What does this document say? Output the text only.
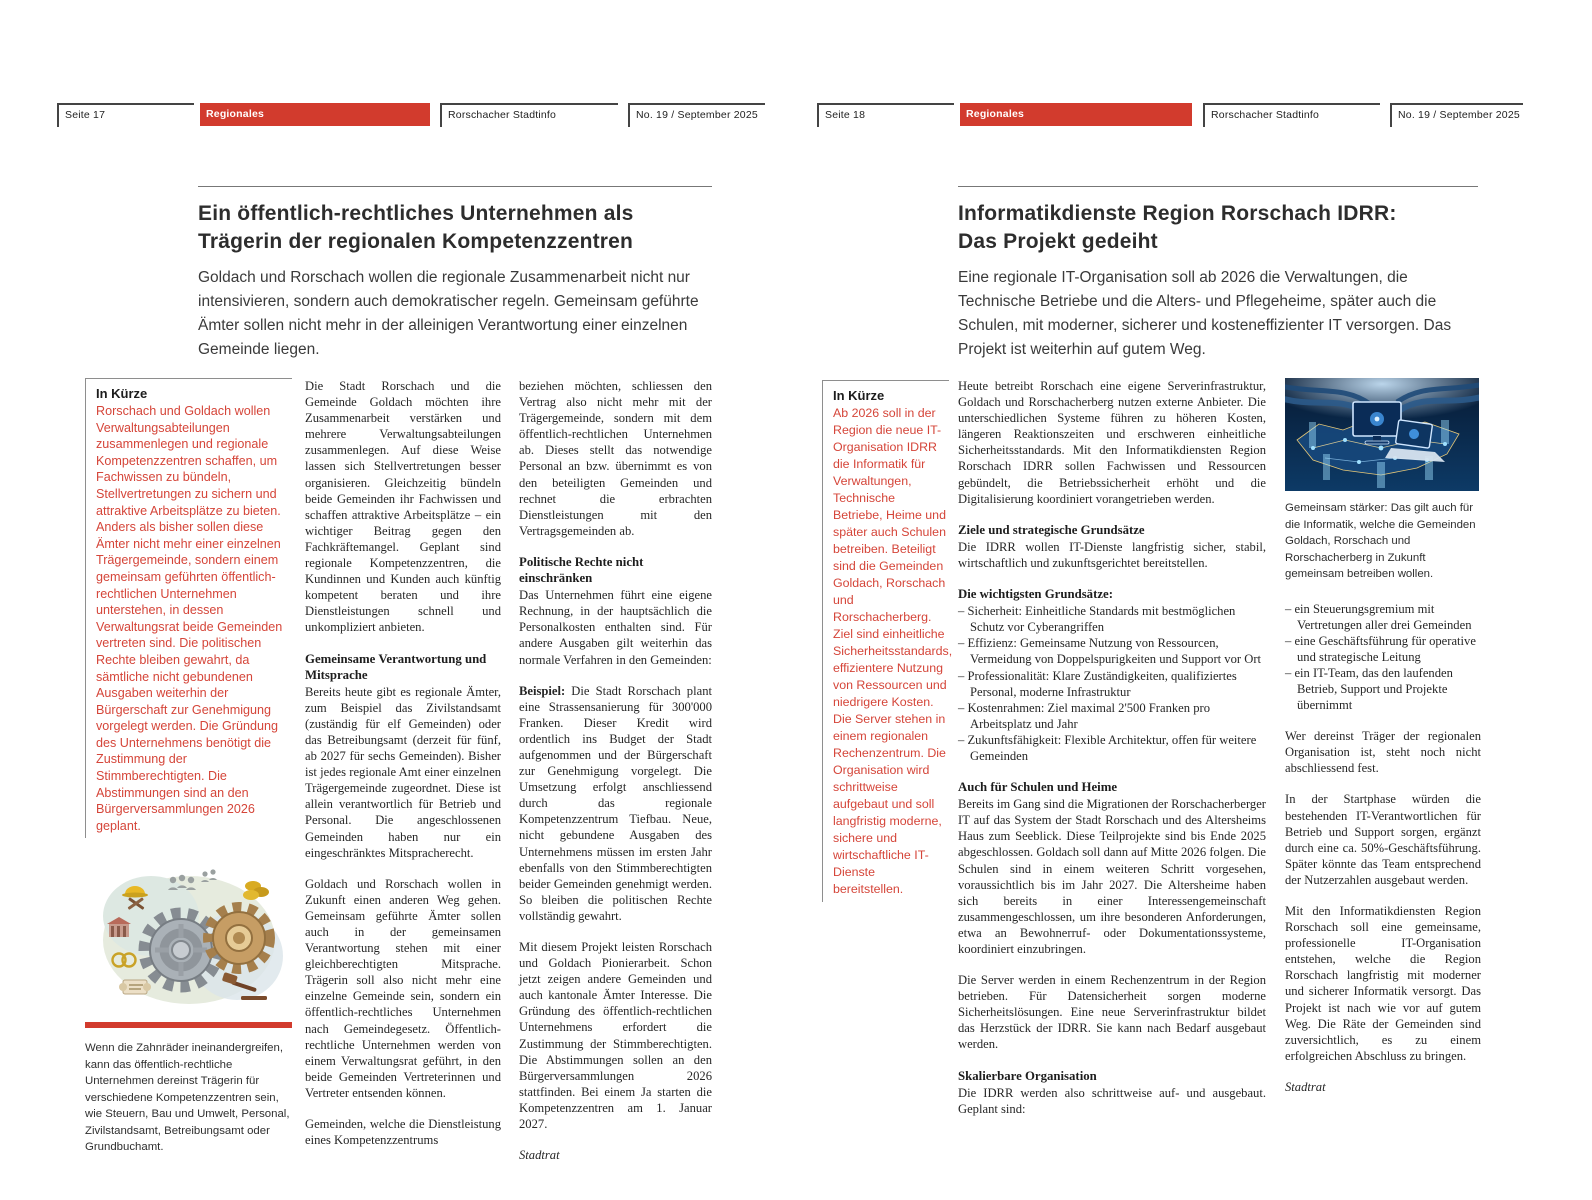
Seite 17	Regionales	Rorschacher Stadtinfo	No. 19 / September 2025
Ein öffentlich-rechtliches Unternehmen als
Trägerin der regionalen Kompetenzzentren
Goldach und Rorschach wollen die regionale Zusammenarbeit nicht nur intensivieren, sondern auch demokratischer regeln. Gemeinsam geführte Ämter sollen nicht mehr in der alleinigen Verantwortung einer einzelnen Gemeinde liegen.
In Kürze

Rorschach und Goldach wollen Verwaltungsabteilungen zusammenlegen und regionale Kompetenzzentren schaffen, um Fachwissen zu bündeln, Stellvertretungen zu sichern und attraktive Arbeitsplätze zu bieten. Anders als bisher sollen diese Ämter nicht mehr einer einzelnen Trägergemeinde, sondern einem gemeinsam geführten öffentlich-rechtlichen Unternehmen unterstehen, in dessen Verwaltungsrat beide Gemeinden vertreten sind. Die politischen Rechte bleiben gewahrt, da sämtliche nicht gebundenen Ausgaben weiterhin der Bürgerschaft zur Genehmigung vorgelegt werden. Die Gründung des Unternehmens benötigt die Zustimmung der Stimmberechtigten. Die Abstimmungen sind an den Bürgerversammlungen 2026 geplant.

Wenn die Zahnräder ineinandergreifen, kann das öffentlich-rechtliche Unternehmen dereinst Trägerin für verschiedene Kompetenzzentren sein, wie Steuern, Bau und Umwelt, Personal, Zivilstandsamt, Betreibungsamt oder Grundbuchamt.

Die Stadt Rorschach und die Gemeinde Goldach möchten ihre Zusammenarbeit verstärken und mehrere Verwaltungsabteilungen zusammenlegen. Auf diese Weise lassen sich Stellvertretungen besser organisieren. Gleichzeitig bündeln beide Gemeinden ihr Fachwissen und schaffen attraktive Arbeitsplätze – ein wichtiger Beitrag gegen den Fachkräftemangel. Geplant sind regionale Kompetenzzentren, die Kundinnen und Kunden auch künftig kompetent beraten und ihre Dienstleistungen schnell und unkompliziert anbieten.

Gemeinsame Verantwortung und Mitsprache

Bereits heute gibt es regionale Ämter, zum Beispiel das Zivilstandsamt (zuständig für elf Gemeinden) oder das Betreibungsamt (derzeit für fünf, ab 2027 für sechs Gemeinden). Bisher ist jedes regionale Amt einer einzelnen Trägergemeinde zugeordnet. Diese ist allein verantwortlich für Betrieb und Personal. Die angeschlossenen Gemeinden haben nur ein eingeschränktes Mitspracherecht.

Goldach und Rorschach wollen in Zukunft einen anderen Weg gehen. Gemeinsam geführte Ämter sollen auch in der gemeinsamen Verantwortung stehen mit einer gleichberechtigten Mitsprache. Trägerin soll also nicht mehr eine einzelne Gemeinde sein, sondern ein öffentlich-rechtliches Unternehmen nach Gemeindegesetz. Öffentlich-rechtliche Unternehmen werden von einem Verwaltungsrat geführt, in den beide Gemeinden Vertreterinnen und Vertreter entsenden können.

Gemeinden, welche die Dienstleistung eines Kompetenzzentrums

beziehen möchten, schliessen den Vertrag also nicht mehr mit der Trägergemeinde, sondern mit dem öffentlich-rechtlichen Unternehmen ab. Dieses stellt das notwendige Personal an bzw. übernimmt es von den beteiligten Gemeinden und rechnet die erbrachten Dienstleistungen mit den Vertragsgemeinden ab.

Politische Rechte nicht einschränken

Das Unternehmen führt eine eigene Rechnung, in der hauptsächlich die Personalkosten enthalten sind. Für andere Ausgaben gilt weiterhin das normale Verfahren in den Gemeinden:

Beispiel: Die Stadt Rorschach plant eine Strassensanierung für 300'000 Franken. Dieser Kredit wird ordentlich ins Budget der Stadt aufgenommen und der Bürgerschaft zur Genehmigung vorgelegt. Die Umsetzung erfolgt anschliessend durch das regionale Kompetenzzentrum Tiefbau. Neue, nicht gebundene Ausgaben des Unternehmens müssen im ersten Jahr ebenfalls von den Stimmberechtigten beider Gemeinden genehmigt werden. So bleiben die politischen Rechte vollständig gewahrt.

Mit diesem Projekt leisten Rorschach und Goldach Pionierarbeit. Schon jetzt zeigen andere Gemeinden und auch kantonale Ämter Interesse. Die Gründung des öffentlich-rechtlichen Unternehmens erfordert die Zustimmung der Stimmberechtigten. Die Abstimmungen sollen an den Bürgerversammlungen 2026 stattfinden. Bei einem Ja starten die Kompetenzzentren am 1. Januar 2027.

Stadtrat

Seite 18	Regionales	Rorschacher Stadtinfo	No. 19 / September 2025
Informatikdienste Region Rorschach IDRR:
Das Projekt gedeiht
Eine regionale IT-Organisation soll ab 2026 die Verwaltungen, die Technische Betriebe und die Alters- und Pflegeheime, später auch die Schulen, mit moderner, sicherer und kosteneffizienter IT versorgen. Das Projekt ist weiterhin auf gutem Weg.
In Kürze

Ab 2026 soll in der Region die neue IT-Organisation IDRR die Informatik für Verwaltungen, Technische Betriebe, Heime und später auch Schulen betreiben. Beteiligt sind die Gemeinden Goldach, Rorschach und Rorschacherberg. Ziel sind einheitliche Sicherheitsstandards, effizientere Nutzung von Ressourcen und niedrigere Kosten. Die Server stehen in einem regionalen Rechenzentrum. Die Organisation wird schrittweise aufgebaut und soll langfristig moderne, sichere und wirtschaftliche IT-Dienste bereitstellen.

Heute betreibt Rorschach eine eigene Serverinfrastruktur, Goldach und Rorschacherberg nutzen externe Anbieter. Die unterschiedlichen Systeme führen zu höheren Kosten, längeren Reaktionszeiten und erschweren einheitliche Sicherheitsstandards. Mit den Informatikdiensten Region Rorschach IDRR sollen Fachwissen und Ressourcen gebündelt, die Betriebssicherheit erhöht und die Digitalisierung koordiniert vorangetrieben werden.

Ziele und strategische Grundsätze

Die IDRR wollen IT-Dienste langfristig sicher, stabil, wirtschaftlich und zukunftsgerichtet bereitstellen.

Die wichtigsten Grundsätze:
– Sicherheit: Einheitliche Standards mit bestmöglichen Schutz vor Cyberangriffen
– Effizienz: Gemeinsame Nutzung von Ressourcen, Vermeidung von Doppelspurigkeiten und Support vor Ort
– Professionalität: Klare Zuständigkeiten, qualifiziertes Personal, moderne Infrastruktur
– Kostenrahmen: Ziel maximal 2'500 Franken pro Arbeitsplatz und Jahr
– Zukunftsfähigkeit: Flexible Architektur, offen für weitere Gemeinden
Auch für Schulen und Heime

Bereits im Gang sind die Migrationen der Rorschacherberger IT auf das System der Stadt Rorschach und des Altersheims Haus zum Seeblick. Diese Teilprojekte sind bis Ende 2025 abgeschlossen. Goldach soll dann auf Mitte 2026 folgen. Die Schulen sind in einem weiteren Schritt vorgesehen, voraussichtlich bis im Jahr 2027. Die Altersheime haben sich bereits in einer Interessengemeinschaft zusammengeschlossen, um ihre besonderen Anforderungen, etwa an Bewohnerruf- oder Dokumentationssysteme, koordiniert einzubringen.

Die Server werden in einem Rechenzentrum in der Region betrieben. Für Datensicherheit sorgen moderne Sicherheitslösungen. Eine neue Serverinfrastruktur bildet das Herzstück der IDRR. Sie kann nach Bedarf ausgebaut werden.

Skalierbare Organisation

Die IDRR werden also schrittweise auf- und ausgebaut. Geplant sind:

Gemeinsam stärker: Das gilt auch für die Informatik, welche die Gemeinden Goldach, Rorschach und Rorschacherberg in Zukunft gemeinsam betreiben wollen.

– ein Steuerungsgremium mit Vertretungen aller drei Gemeinden
– eine Geschäftsführung für operative und strategische Leitung
– ein IT-Team, das den laufenden Betrieb, Support und Projekte übernimmt

Wer dereinst Träger der regionalen Organisation ist, steht noch nicht abschliessend fest.

In der Startphase würden die bestehenden IT-Verantwortlichen für Betrieb und Support sorgen, ergänzt durch eine ca. 50%-Geschäftsführung. Später könnte das Team entsprechend der Nutzerzahlen ausgebaut werden.

Mit den Informatikdiensten Region Rorschach soll eine gemeinsame, professionelle IT-Organisation entstehen, welche die Region Rorschach langfristig mit moderner und sicherer Informatik versorgt. Das Projekt ist nach wie vor auf gutem Weg. Die Räte der Gemeinden sind zuversichtlich, es zu einem erfolgreichen Abschluss zu bringen.

Stadtrat
